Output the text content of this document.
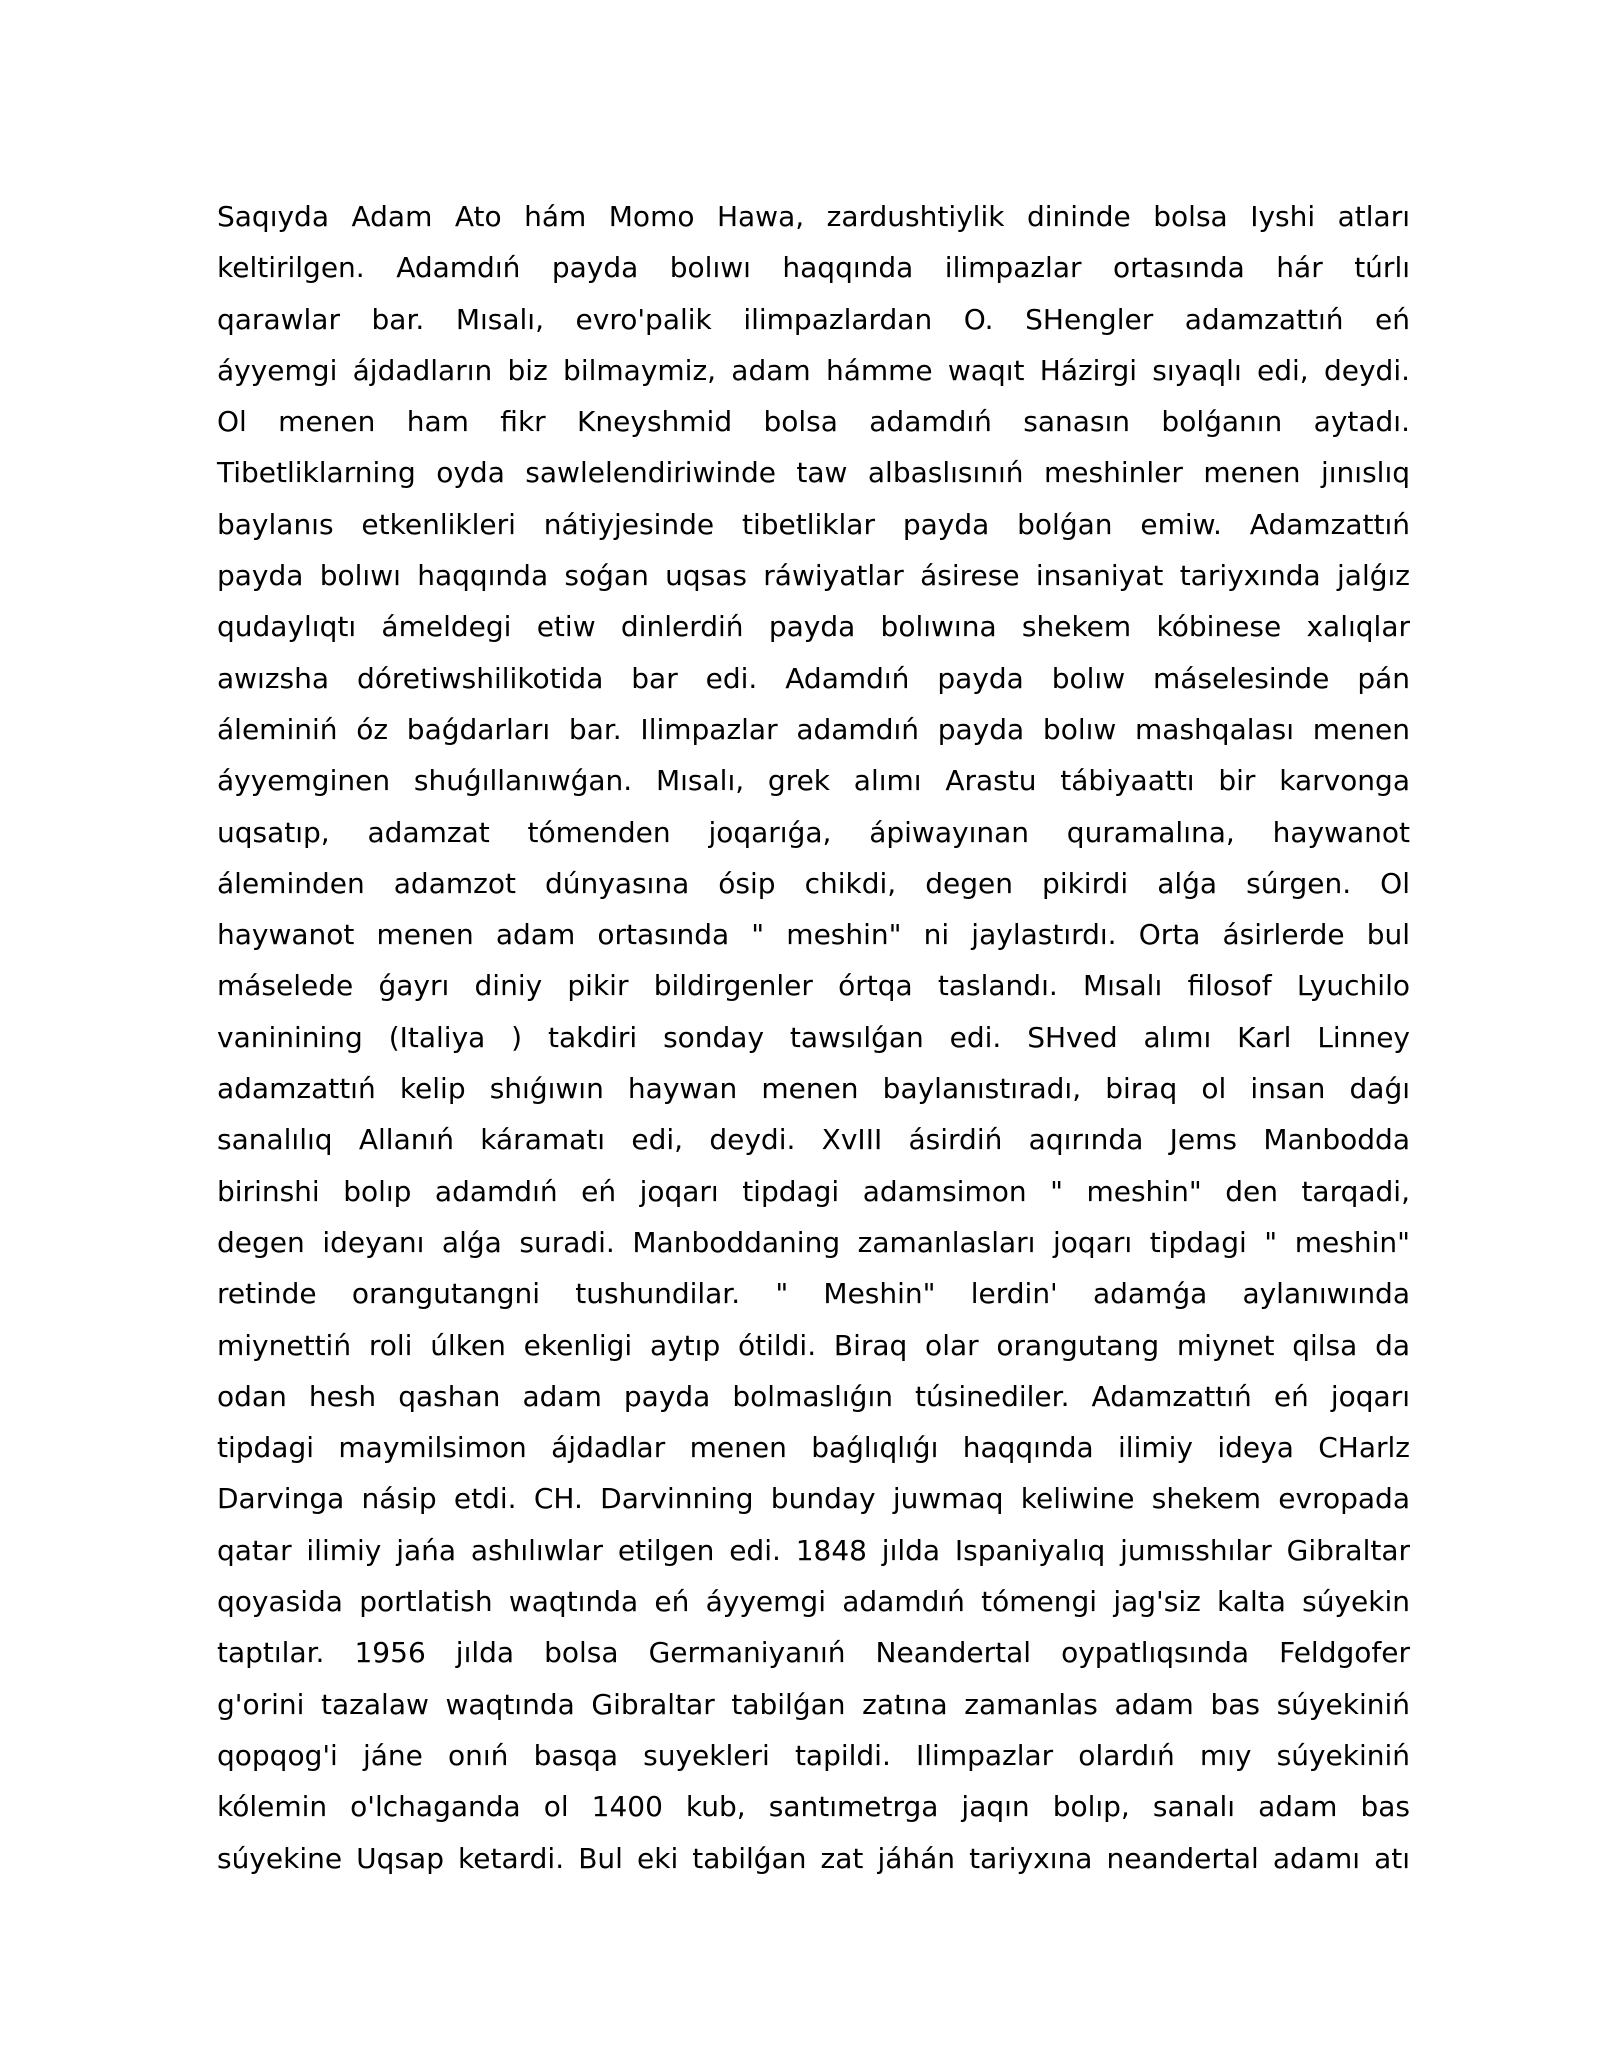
Saqıyda Adam Ato hám Momo Hawa, zardushtiylik dininde bolsa Iyshi atları
keltirilgen. Adamdıń payda bolıwı haqqında ilimpazlar ortasında hár túrlı
qarawlar bar. Mısalı, evro'palik ilimpazlardan O. SHengler adamzattıń eń
áyyemgi ájdadların biz bilmaymiz, adam hámme waqıt Házirgi sıyaqlı edi, deydi.
Ol menen ham fikr Kneyshmid bolsa adamdıń sanasın bolǵanın aytadı.
Tibetliklarning oyda sawlelendiriwinde taw albaslısınıń meshinler menen jınıslıq
baylanıs etkenlikleri nátiyjesinde tibetliklar payda bolǵan emiw. Adamzattıń
payda bolıwı haqqında soǵan uqsas ráwiyatlar ásirese insaniyat tariyxında jalǵız
qudaylıqtı ámeldegi etiw dinlerdiń payda bolıwına shekem kóbinese xalıqlar
awızsha dóretiwshilikotida bar edi. Adamdıń payda bolıw máselesinde pán
áleminiń óz baǵdarları bar. Ilimpazlar adamdıń payda bolıw mashqalası menen
áyyemginen shuǵıllanıwǵan. Mısalı, grek alımı Arastu tábiyaattı bir karvonga
uqsatıp, adamzat tómenden joqarıǵa, ápiwayınan quramalına, haywanot
áleminden adamzot dúnyasına ósip chikdi, degen pikirdi alǵa súrgen. Ol
haywanot menen adam ortasında " meshin" ni jaylastırdı. Orta ásirlerde bul
máselede ǵayrı diniy pikir bildirgenler órtqa taslandı. Mısalı filosof Lyuchilo
vaninining (Italiya ) takdiri sonday tawsılǵan edi. SHved alımı Karl Linney
adamzattıń kelip shıǵıwın haywan menen baylanıstıradı, biraq ol insan daǵı
sanalılıq Allanıń káramatı edi, deydi. XvIII ásirdiń aqırında Jems Manbodda
birinshi bolıp adamdıń eń joqarı tipdagi adamsimon " meshin" den tarqadi,
degen ideyanı alǵa suradi. Manboddaning zamanlasları joqarı tipdagi " meshin"
retinde orangutangni tushundilar. " Meshin" lerdin' adamǵa aylanıwında
miynettiń roli úlken ekenligi aytıp ótildi. Biraq olar orangutang miynet qilsa da
odan hesh qashan adam payda bolmaslıǵın túsinediler. Adamzattıń eń joqarı
tipdagi maymilsimon ájdadlar menen baǵlıqlıǵı haqqında ilimiy ideya CHarlz
Darvinga násip etdi. CH. Darvinning bunday juwmaq keliwine shekem evropada
qatar ilimiy jańa ashılıwlar etilgen edi. 1848 jılda Ispaniyalıq jumısshılar Gibraltar
qoyasida portlatish waqtında eń áyyemgi adamdıń tómengi jag'siz kalta súyekin
taptılar. 1956 jılda bolsa Germaniyanıń Neandertal oypatlıqsında Feldgofer
g'orini tazalaw waqtında Gibraltar tabilǵan zatına zamanlas adam bas súyekiniń
qopqog'i jáne onıń basqa suyekleri tapildi. Ilimpazlar olardıń mıy súyekiniń
kólemin o'lchaganda ol 1400 kub, santımetrga jaqın bolıp, sanalı adam bas
súyekine Uqsap ketardi. Bul eki tabilǵan zat jáhán tariyxına neandertal adamı atı
